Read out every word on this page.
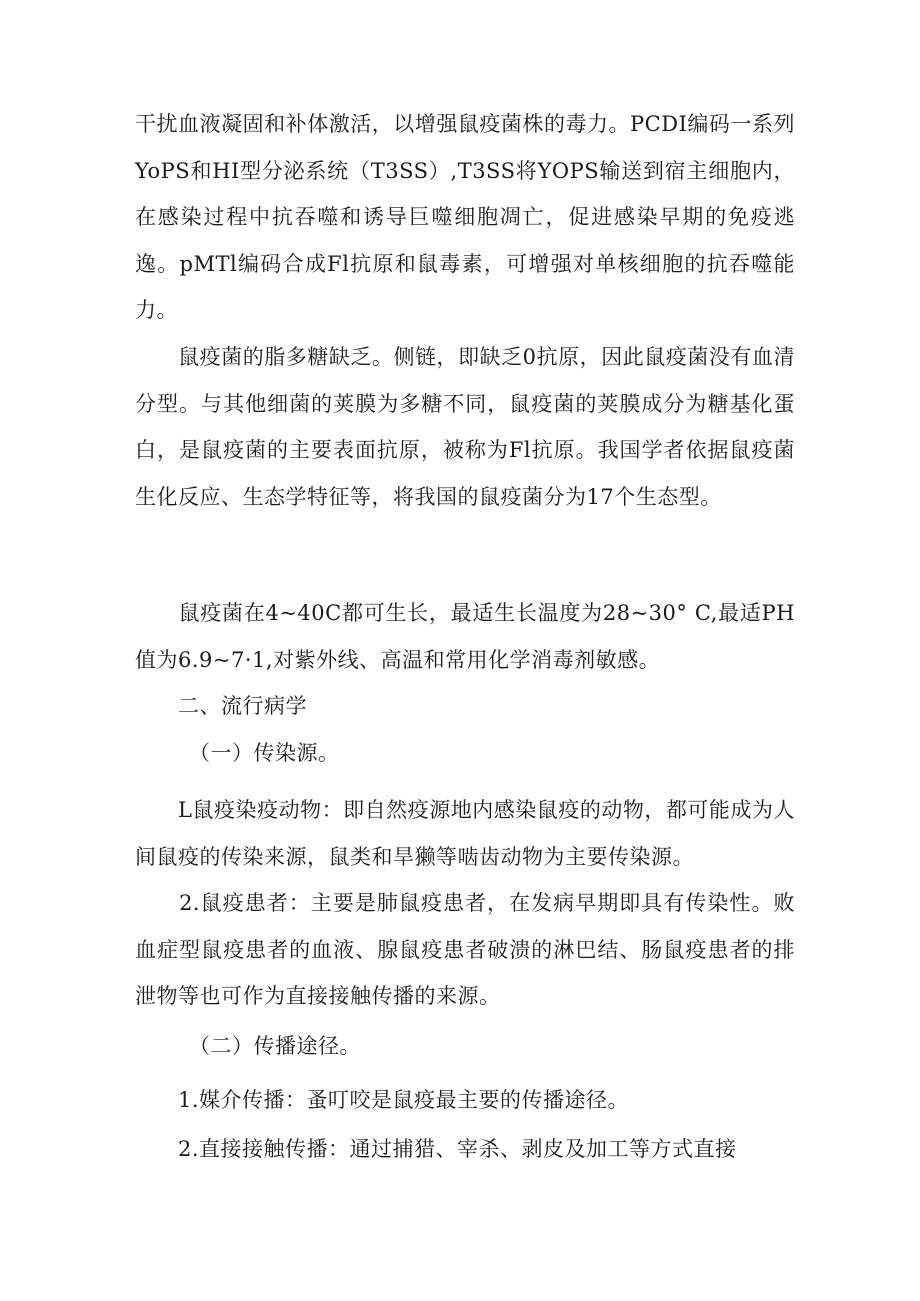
干扰血液凝固和补体激活，以增强鼠疫菌株的毒力。PCDI编码一系列YoPS和HI型分泌系统（T3SS）,T3SS将YOPS输送到宿主细胞内，在感染过程中抗吞噬和诱导巨噬细胞凋亡，促进感染早期的免疫逃逸。pMTl编码合成Fl抗原和鼠毒素，可增强对单核细胞的抗吞噬能力。

　　鼠疫菌的脂多糖缺乏。侧链，即缺乏0抗原，因此鼠疫菌没有血清分型。与其他细菌的荚膜为多糖不同，鼠疫菌的荚膜成分为糖基化蛋白，是鼠疫菌的主要表面抗原，被称为Fl抗原。我国学者依据鼠疫菌生化反应、生态学特征等，将我国的鼠疫菌分为17个生态型。

　　鼠疫菌在4~40C都可生长，最适生长温度为28~30° C,最适PH值为6.9~7·1,对紫外线、高温和常用化学消毒剂敏感。

　　二、流行病学

　　　（一）传染源。

　　L鼠疫染疫动物：即自然疫源地内感染鼠疫的动物，都可能成为人间鼠疫的传染来源，鼠类和旱獭等啮齿动物为主要传染源。

　　2.鼠疫患者：主要是肺鼠疫患者，在发病早期即具有传染性。败血症型鼠疫患者的血液、腺鼠疫患者破溃的淋巴结、肠鼠疫患者的排泄物等也可作为直接接触传播的来源。

　　　（二）传播途径。

　　1.媒介传播：蚤叮咬是鼠疫最主要的传播途径。

　　2.直接接触传播：通过捕猎、宰杀、剥皮及加工等方式直接
